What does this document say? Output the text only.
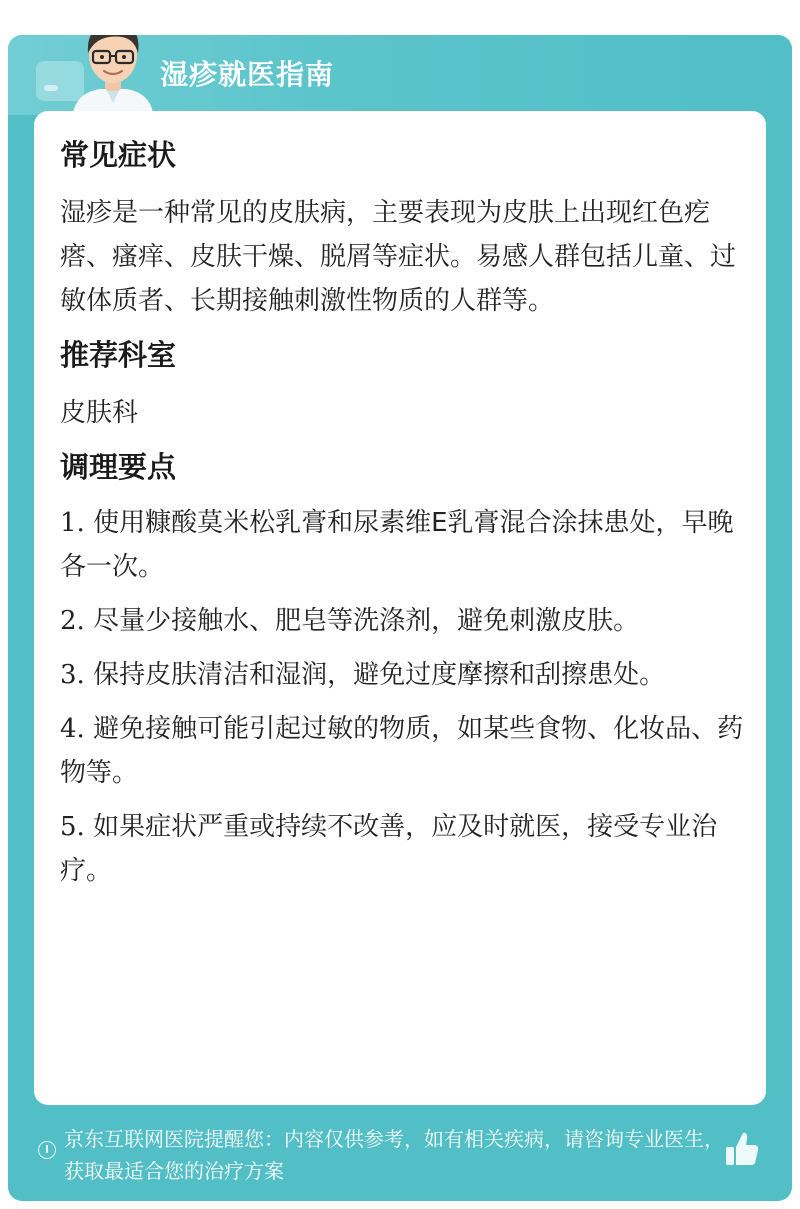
湿疹就医指南
常见症状

湿疹是一种常见的皮肤病，主要表现为皮肤上出现红色疙瘩、瘙痒、皮肤干燥、脱屑等症状。易感人群包括儿童、过敏体质者、长期接触刺激性物质的人群等。

推荐科室

皮肤科

调理要点

1. 使用糠酸莫米松乳膏和尿素维E乳膏混合涂抹患处，早晚各一次。

2. 尽量少接触水、肥皂等洗涤剂，避免刺激皮肤。

3. 保持皮肤清洁和湿润，避免过度摩擦和刮擦患处。

4. 避免接触可能引起过敏的物质，如某些食物、化妆品、药物等。

5. 如果症状严重或持续不改善，应及时就医，接受专业治疗。

京东互联网医院提醒您：内容仅供参考，如有相关疾病，请咨询专业医生，获取最适合您的治疗方案
